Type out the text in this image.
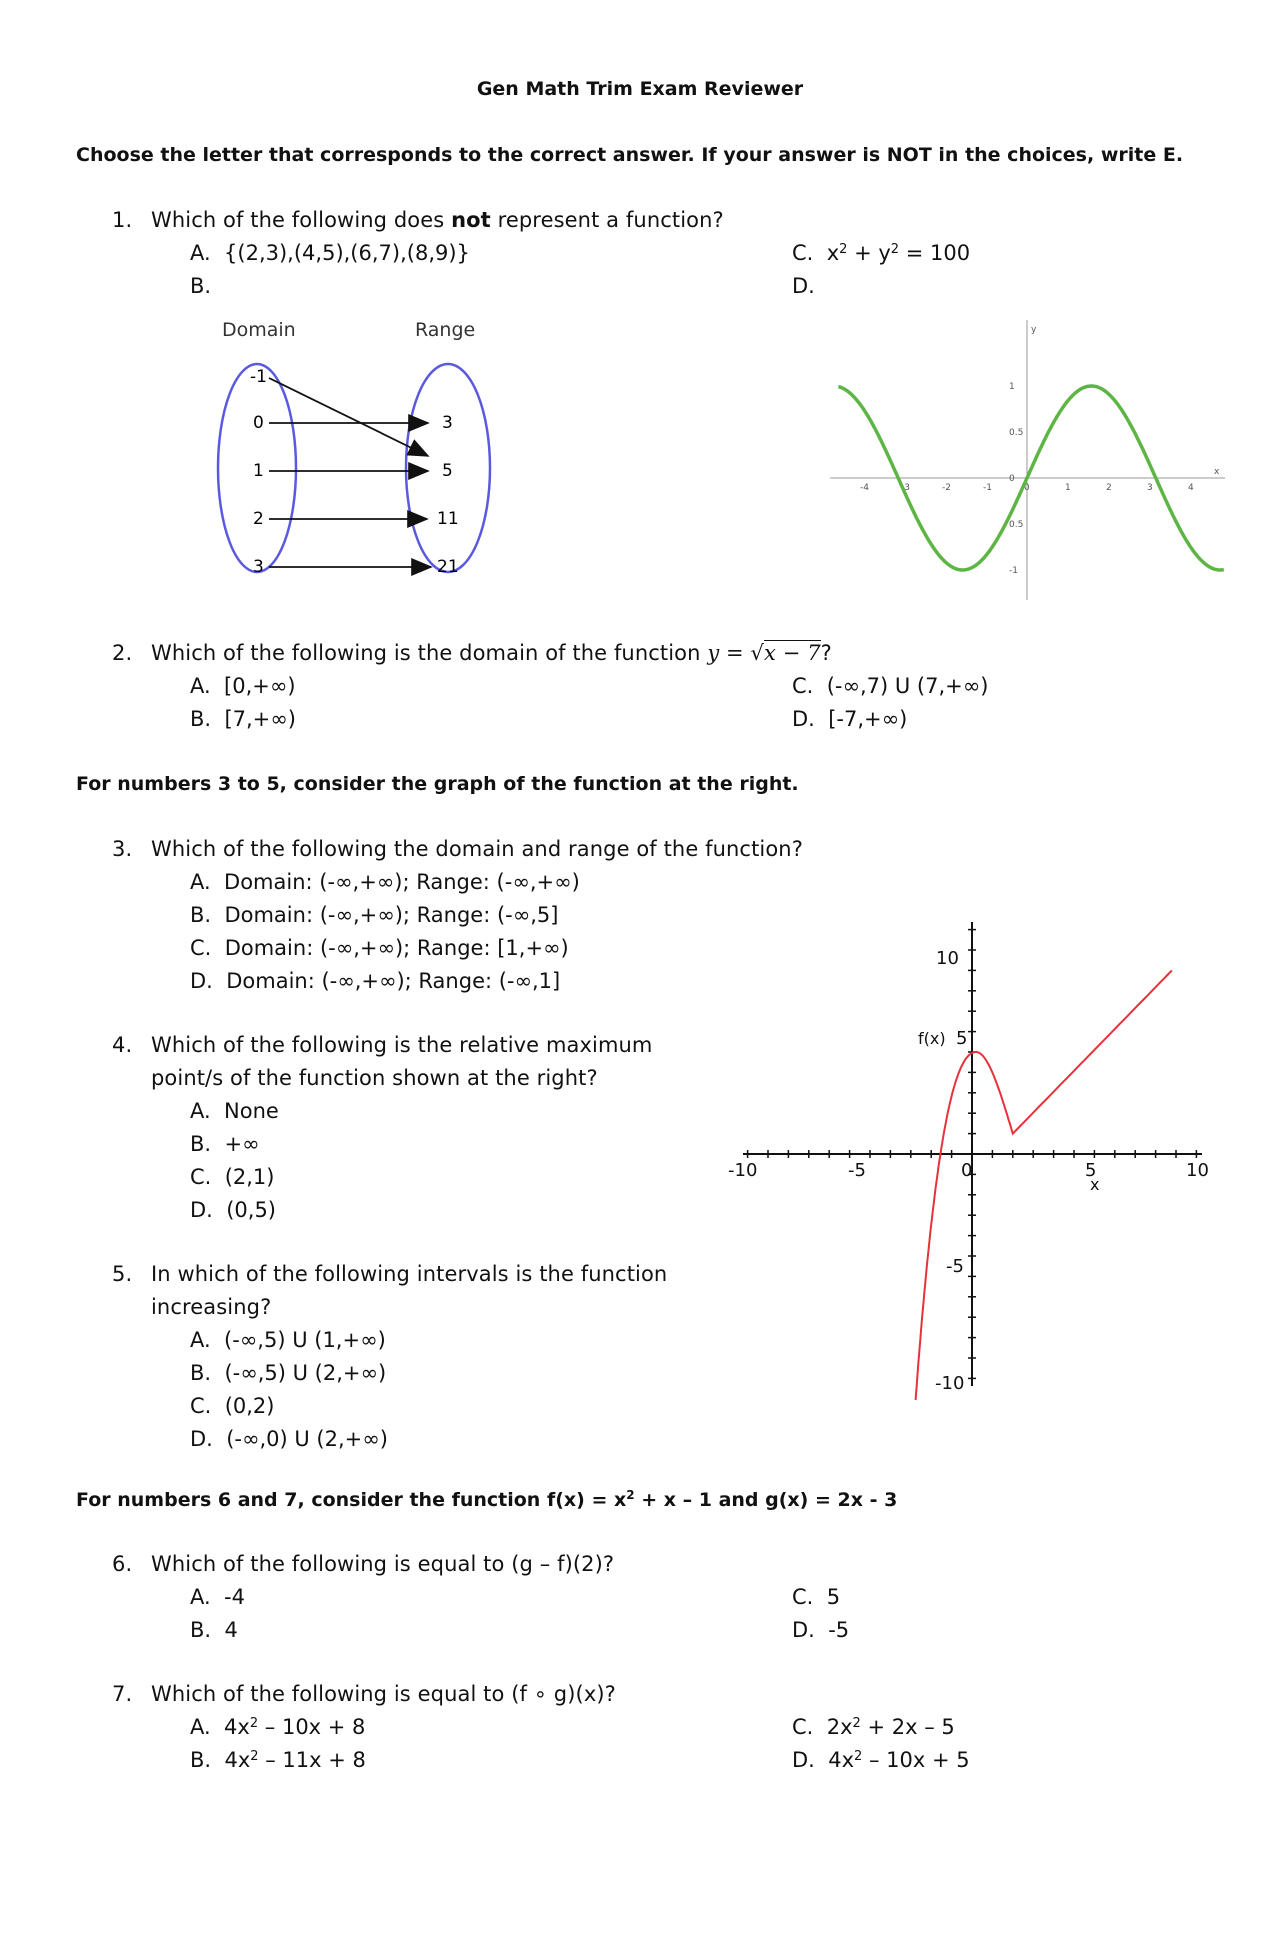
Gen Math Trim Exam Reviewer
Choose the letter that corresponds to the correct answer. If your answer is NOT in the choices, write E.
1. Which of the following does not represent a function?
A. {(2,3),(4,5),(6,7),(8,9)}
B.
C. $x^2 + y^2 = 100$
D.
Domain	Range
-1
0
1
2
3
3
5
11
21
y
x
-4	-3	-2	-1	0	1	2	3	4
1
0.5
0
0.5
-1
2. Which of the following is the domain of the function y = √x − 7?
A. [0,+∞)
B. [7,+∞)
C. (-∞,7) U (7,+∞)
D. [-7,+∞)
For numbers 3 to 5, consider the graph of the function at the right.
3. Which of the following the domain and range of the function?
A. Domain: (-∞,+∞); Range: (-∞,+∞)
B. Domain: (-∞,+∞); Range: (-∞,5]
C. Domain: (-∞,+∞); Range: [1,+∞)
D. Domain: (-∞,+∞); Range: (-∞,1]
4. Which of the following is the relative maximum
point/s of the function shown at the right?
A. None
B. +∞
C. (2,1)
D. (0,5)
5. In which of the following intervals is the function
increasing?
A. (-∞,5) U (1,+∞)
B. (-∞,5) U (2,+∞)
C. (0,2)
D. (-∞,0) U (2,+∞)
-10	-5	0	5	10
x
10
5
-5
-10
f(x)
For numbers 6 and 7, consider the function $f(x) = x^2 + x - 1$ and g(x) = 2x - 3
6. Which of the following is equal to (g – f)(2)?
A. -4
B. 4
C. 5
D. -5
7. Which of the following is equal to (f ∘ g)(x)?
A. $4x^2 - 10x + 8$
B. $4x^2 - 11x + 8$
C. $2x^2 + 2x - 5$
D. $4x^2 - 10x + 5$
